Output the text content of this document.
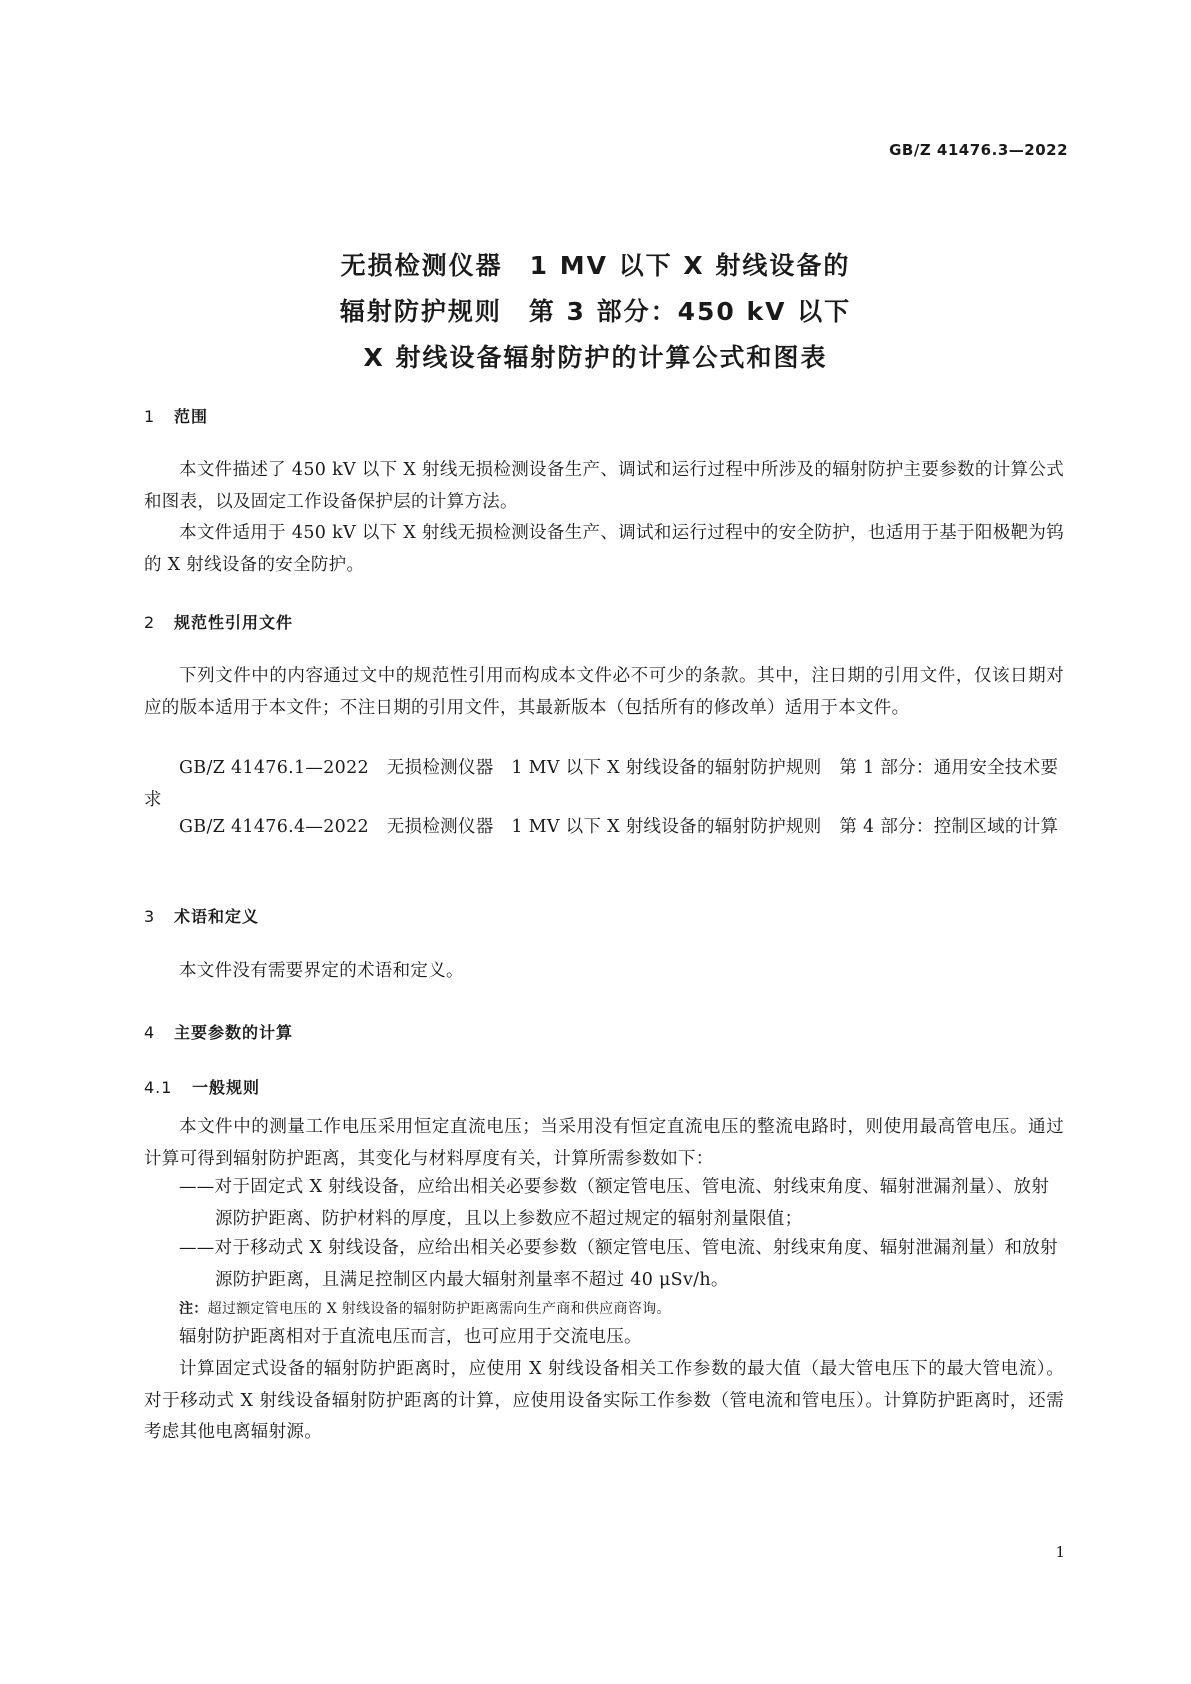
GB/Z 41476.3—2022
无损检测仪器　1 MV 以下 X 射线设备的
辐射防护规则　第 3 部分：450 kV 以下
X 射线设备辐射防护的计算公式和图表
1 范围
本文件描述了 450 kV 以下 X 射线无损检测设备生产、调试和运行过程中所涉及的辐射防护主要参数的计算公式和图表，以及固定工作设备保护层的计算方法。
本文件适用于 450 kV 以下 X 射线无损检测设备生产、调试和运行过程中的安全防护，也适用于基于阳极靶为钨的 X 射线设备的安全防护。
2 规范性引用文件
下列文件中的内容通过文中的规范性引用而构成本文件必不可少的条款。其中，注日期的引用文件，仅该日期对应的版本适用于本文件；不注日期的引用文件，其最新版本（包括所有的修改单）适用于本文件。
GB/Z 41476.1—2022　无损检测仪器　1 MV 以下 X 射线设备的辐射防护规则　第 1 部分：通用安全技术要求
GB/Z 41476.4—2022　无损检测仪器　1 MV 以下 X 射线设备的辐射防护规则　第 4 部分：控制区域的计算
3 术语和定义
本文件没有需要界定的术语和定义。
4 主要参数的计算
4.1 一般规则
本文件中的测量工作电压采用恒定直流电压；当采用没有恒定直流电压的整流电路时，则使用最高管电压。通过计算可得到辐射防护距离，其变化与材料厚度有关，计算所需参数如下：
——对于固定式 X 射线设备，应给出相关必要参数（额定管电压、管电流、射线束角度、辐射泄漏剂量）、放射源防护距离、防护材料的厚度，且以上参数应不超过规定的辐射剂量限值；
——对于移动式 X 射线设备，应给出相关必要参数（额定管电压、管电流、射线束角度、辐射泄漏剂量）和放射源防护距离，且满足控制区内最大辐射剂量率不超过 40 μSv/h。
注：超过额定管电压的 X 射线设备的辐射防护距离需向生产商和供应商咨询。
辐射防护距离相对于直流电压而言，也可应用于交流电压。
计算固定式设备的辐射防护距离时，应使用 X 射线设备相关工作参数的最大值（最大管电压下的最大管电流）。对于移动式 X 射线设备辐射防护距离的计算，应使用设备实际工作参数（管电流和管电压）。计算防护距离时，还需考虑其他电离辐射源。
1
